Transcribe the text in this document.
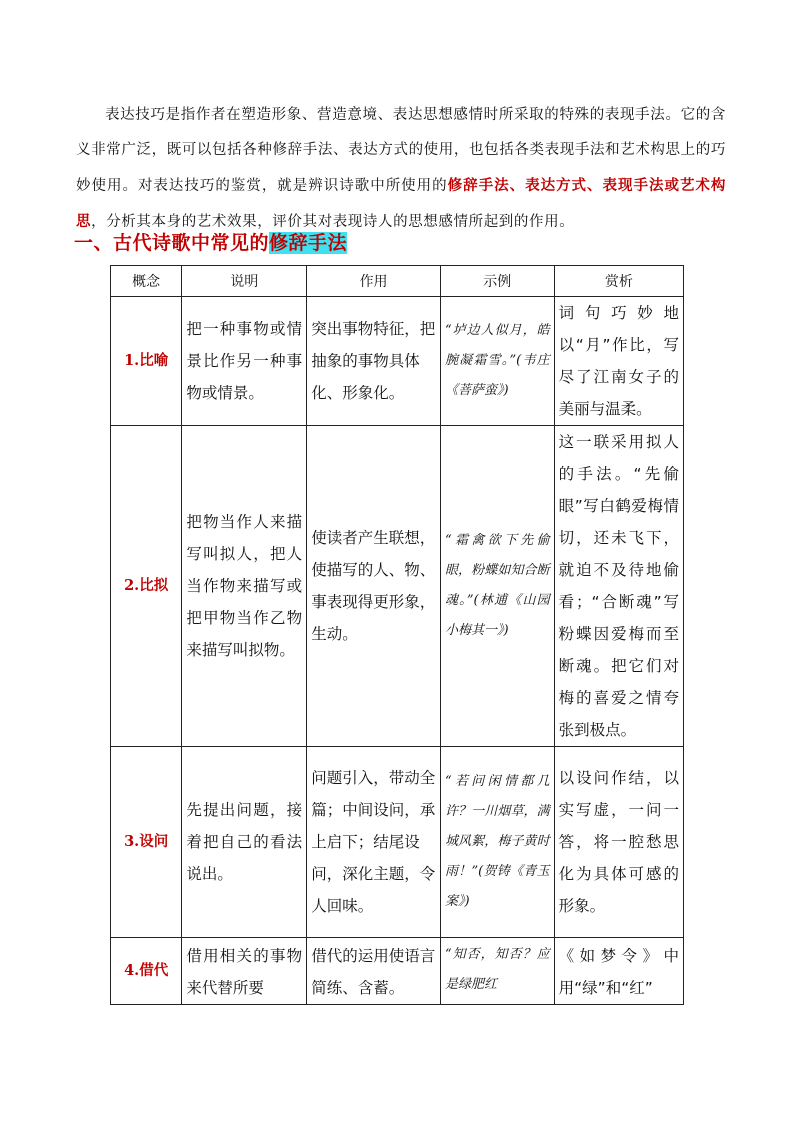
表达技巧是指作者在塑造形象、营造意境、表达思想感情时所采取的特殊的表现手法。它的含义非常广泛，既可以包括各种修辞手法、表达方式的使用，也包括各类表现手法和艺术构思上的巧妙使用。对表达技巧的鉴赏，就是辨识诗歌中所使用的修辞手法、表达方式、表现手法或艺术构思，分析其本身的艺术效果，评价其对表现诗人的思想感情所起到的作用。
一、古代诗歌中常见的修辞手法
概念	说明	作用	示例	赏析
1.比喻	把一种事物或情景比作另一种事物或情景。	突出事物特征，把抽象的事物具体化、形象化。	“垆边人似月，皓腕凝霜雪。”(韦庄《菩萨蛮》)	词句巧妙地以“月”作比，写尽了江南女子的美丽与温柔。
2.比拟	把物当作人来描写叫拟人，把人当作物来描写或把甲物当作乙物来描写叫拟物。	使读者产生联想，使描写的人、物、事表现得更形象，生动。	“霜禽欲下先偷眼，粉蝶如知合断魂。”(林逋《山园小梅其一》)	这一联采用拟人的手法。“先偷眼”写白鹤爱梅情切，还未飞下，就迫不及待地偷看；“合断魂”写粉蝶因爱梅而至断魂。把它们对梅的喜爱之情夸张到极点。
3.设问	先提出问题，接着把自己的看法说出。	问题引入，带动全篇；中间设问，承上启下；结尾设问，深化主题，令人回味。	“若问闲情都几许？一川烟草，满城风絮，梅子黄时雨！”(贺铸《青玉案》)	以设问作结，以实写虚，一问一答，将一腔愁思化为具体可感的形象。
4.借代	借用相关的事物来代替所要	借代的运用使语言简练、含蓄。	“知否，知否？应是绿肥红	《如梦令》中用“绿”和“红”
